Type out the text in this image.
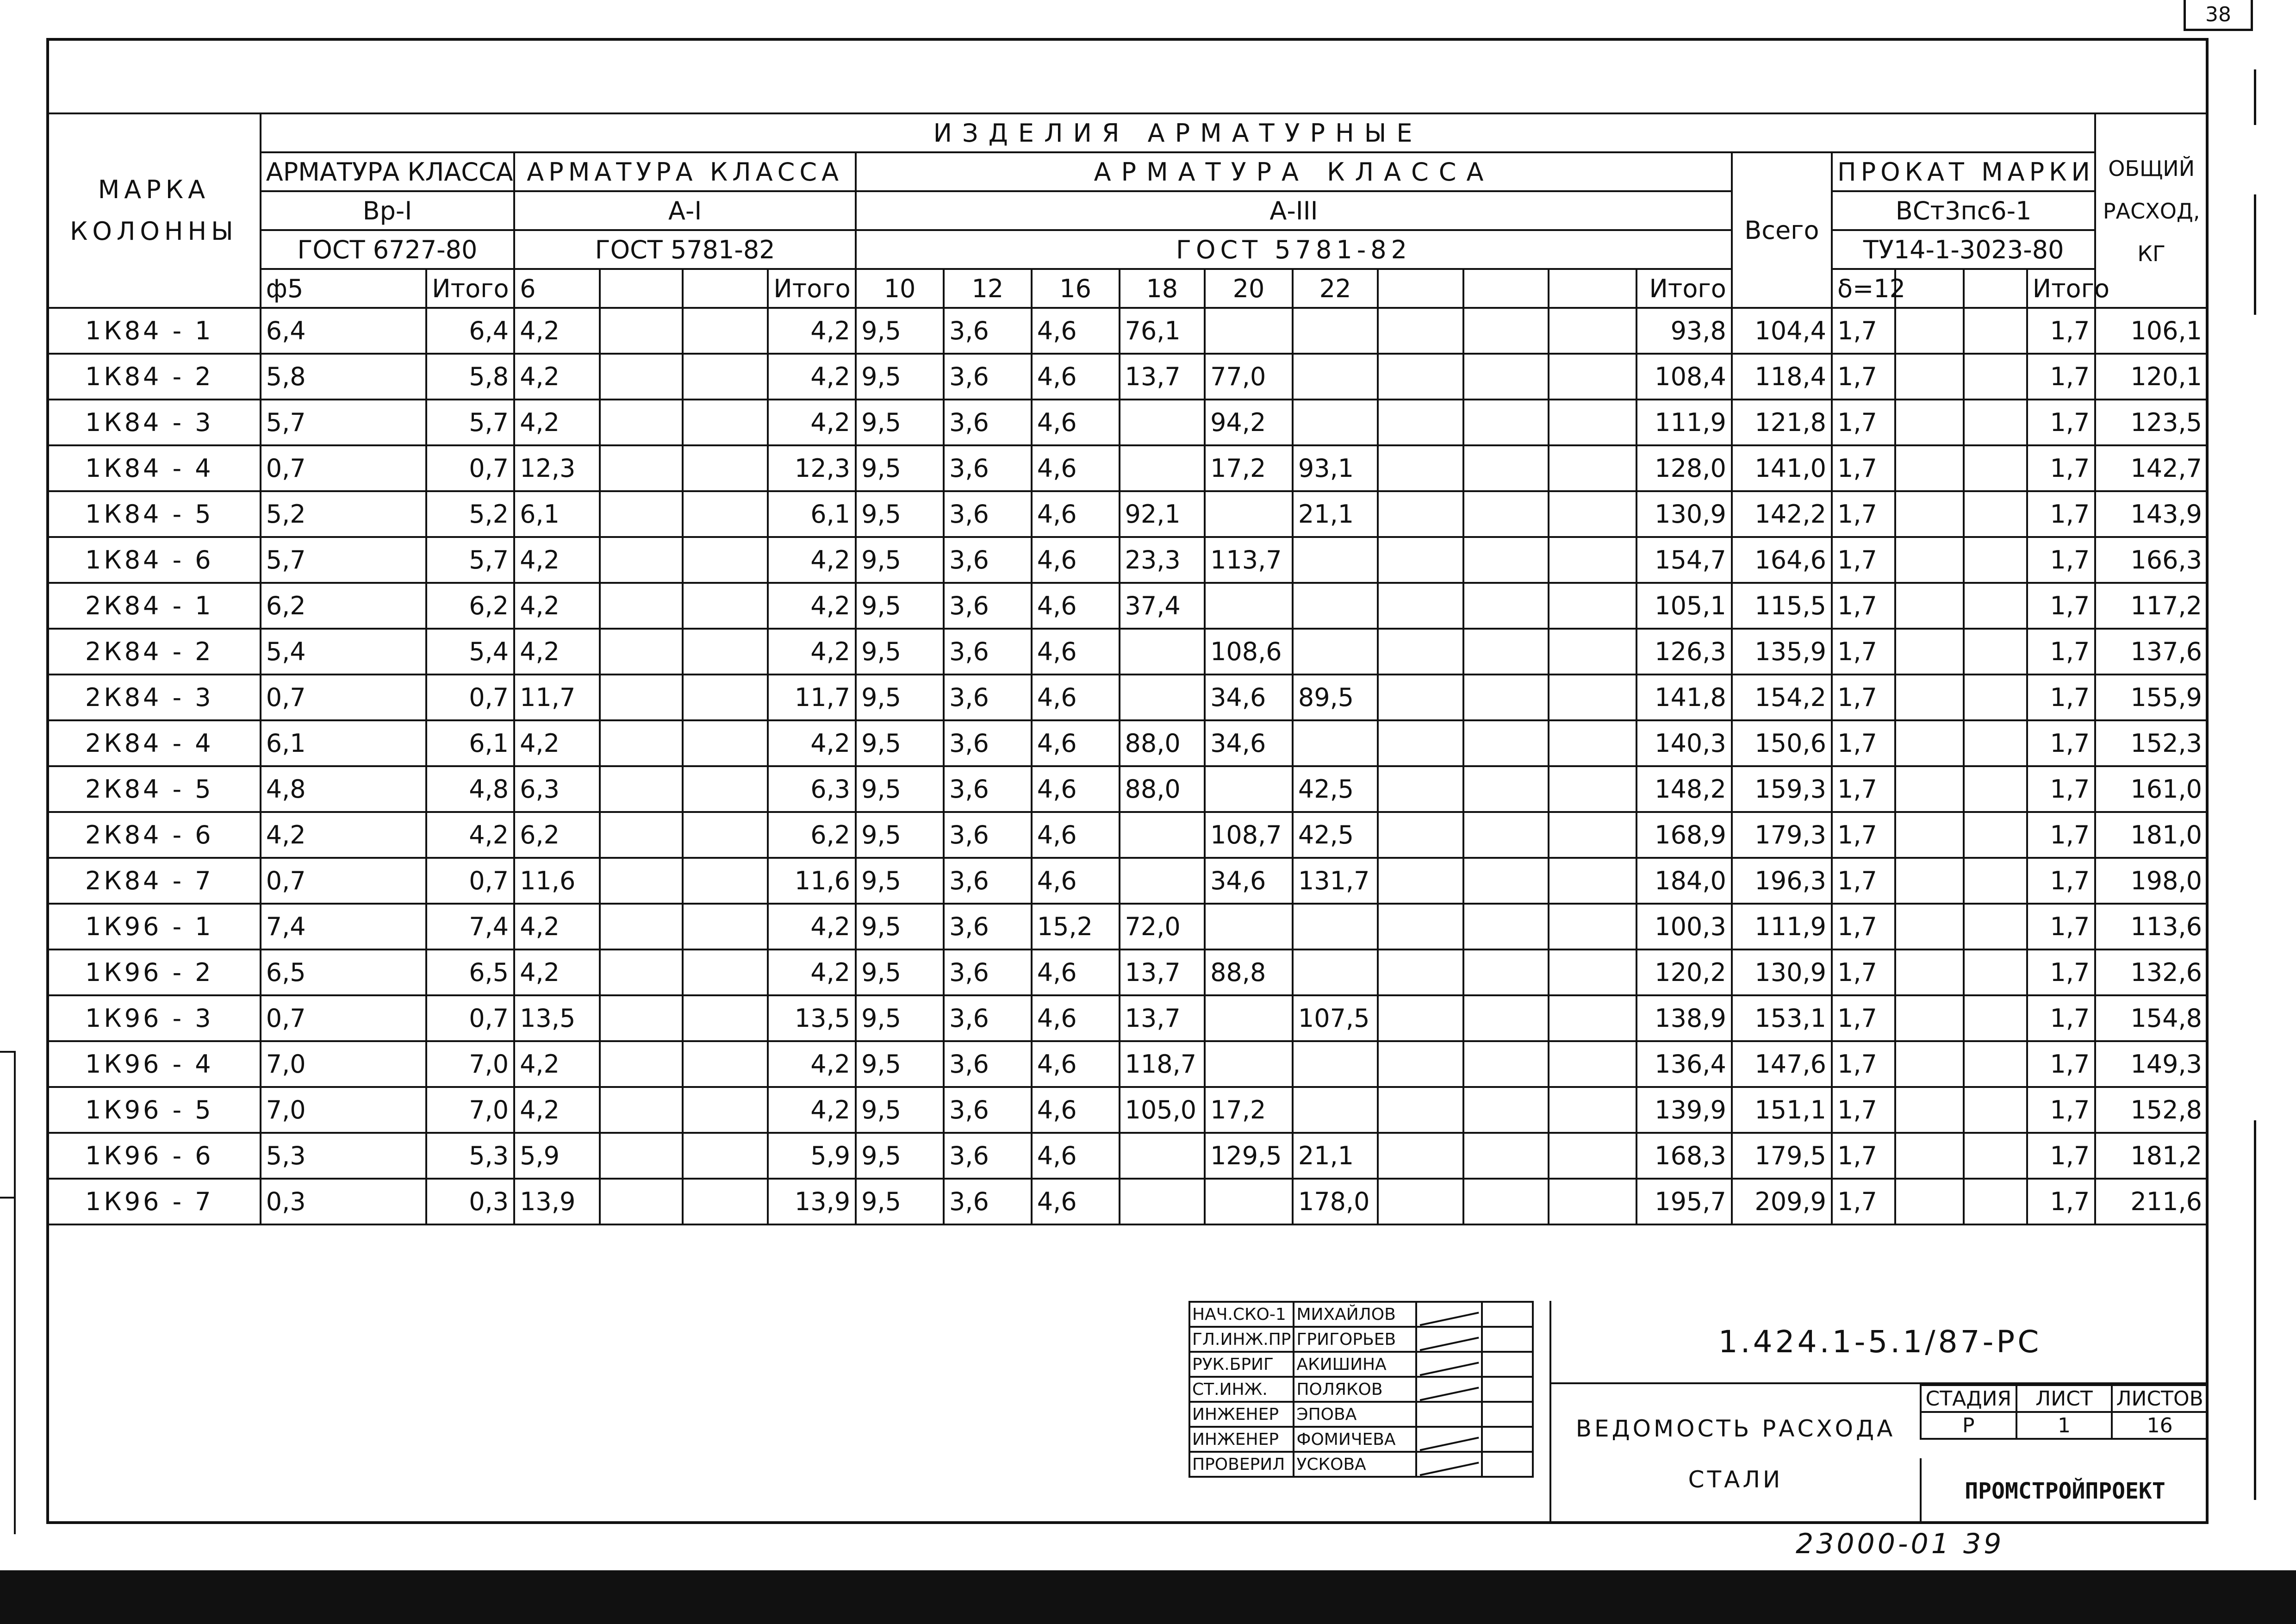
38
МАРКА КОЛОННЫ	ИЗДЕЛИЯ АРМАТУРНЫЕ																					ОБЩИЙ РАСХОД, КГ
	АРМАТУРА КЛАССА		АРМАТУРА КЛАССА				АРМАТУРА КЛАССА										Всего	ПРОКАТ МАРКИ				
	Вр-I		А-I				А-III											ВСт3пс6-1				
	ГОСТ 6727-80		ГОСТ 5781-82				ГОСТ 5781-82											ТУ14-1-3023-80				
	ф5	Итого	6			Итого	10	12	16	18	20	22				Итого		δ=12			Итого	
1К84 - 1	6,4	6,4	4,2			4,2	9,5	3,6	4,6	76,1						93,8	104,4	1,7			1,7	106,1
1К84 - 2	5,8	5,8	4,2			4,2	9,5	3,6	4,6	13,7	77,0					108,4	118,4	1,7			1,7	120,1
1К84 - 3	5,7	5,7	4,2			4,2	9,5	3,6	4,6		94,2					111,9	121,8	1,7			1,7	123,5
1К84 - 4	0,7	0,7	12,3			12,3	9,5	3,6	4,6		17,2	93,1				128,0	141,0	1,7			1,7	142,7
1К84 - 5	5,2	5,2	6,1			6,1	9,5	3,6	4,6	92,1		21,1				130,9	142,2	1,7			1,7	143,9
1К84 - 6	5,7	5,7	4,2			4,2	9,5	3,6	4,6	23,3	113,7					154,7	164,6	1,7			1,7	166,3
2К84 - 1	6,2	6,2	4,2			4,2	9,5	3,6	4,6	37,4						105,1	115,5	1,7			1,7	117,2
2К84 - 2	5,4	5,4	4,2			4,2	9,5	3,6	4,6		108,6					126,3	135,9	1,7			1,7	137,6
2К84 - 3	0,7	0,7	11,7			11,7	9,5	3,6	4,6		34,6	89,5				141,8	154,2	1,7			1,7	155,9
2К84 - 4	6,1	6,1	4,2			4,2	9,5	3,6	4,6	88,0	34,6					140,3	150,6	1,7			1,7	152,3
2К84 - 5	4,8	4,8	6,3			6,3	9,5	3,6	4,6	88,0		42,5				148,2	159,3	1,7			1,7	161,0
2К84 - 6	4,2	4,2	6,2			6,2	9,5	3,6	4,6		108,7	42,5				168,9	179,3	1,7			1,7	181,0
2К84 - 7	0,7	0,7	11,6			11,6	9,5	3,6	4,6		34,6	131,7				184,0	196,3	1,7			1,7	198,0
1К96 - 1	7,4	7,4	4,2			4,2	9,5	3,6	15,2	72,0						100,3	111,9	1,7			1,7	113,6
1К96 - 2	6,5	6,5	4,2			4,2	9,5	3,6	4,6	13,7	88,8					120,2	130,9	1,7			1,7	132,6
1К96 - 3	0,7	0,7	13,5			13,5	9,5	3,6	4,6	13,7		107,5				138,9	153,1	1,7			1,7	154,8
1К96 - 4	7,0	7,0	4,2			4,2	9,5	3,6	4,6	118,7						136,4	147,6	1,7			1,7	149,3
1К96 - 5	7,0	7,0	4,2			4,2	9,5	3,6	4,6	105,0	17,2					139,9	151,1	1,7			1,7	152,8
1К96 - 6	5,3	5,3	5,9			5,9	9,5	3,6	4,6		129,5	21,1				168,3	179,5	1,7			1,7	181,2
1К96 - 7	0,3	0,3	13,9			13,9	9,5	3,6	4,6			178,0				195,7	209,9	1,7			1,7	211,6
НАЧ.СКО-1	МИХАЙЛОВ		
ГЛ.ИНЖ.ПР	ГРИГОРЬЕВ		
РУК.БРИГ	АКИШИНА		
СТ.ИНЖ.	ПОЛЯКОВ		
ИНЖЕНЕР	ЭПОВА		
ИНЖЕНЕР	ФОМИЧЕВА		
ПРОВЕРИЛ	УСКОВА		
1.424.1-5.1/87-РС
ВЕДОМОСТЬ РАСХОДА
СТАЛИ
СТАДИЯ	ЛИСТ	ЛИСТОВ
Р	1	16
ПРОМСТРОЙПРОЕКТ
23000-01 39
